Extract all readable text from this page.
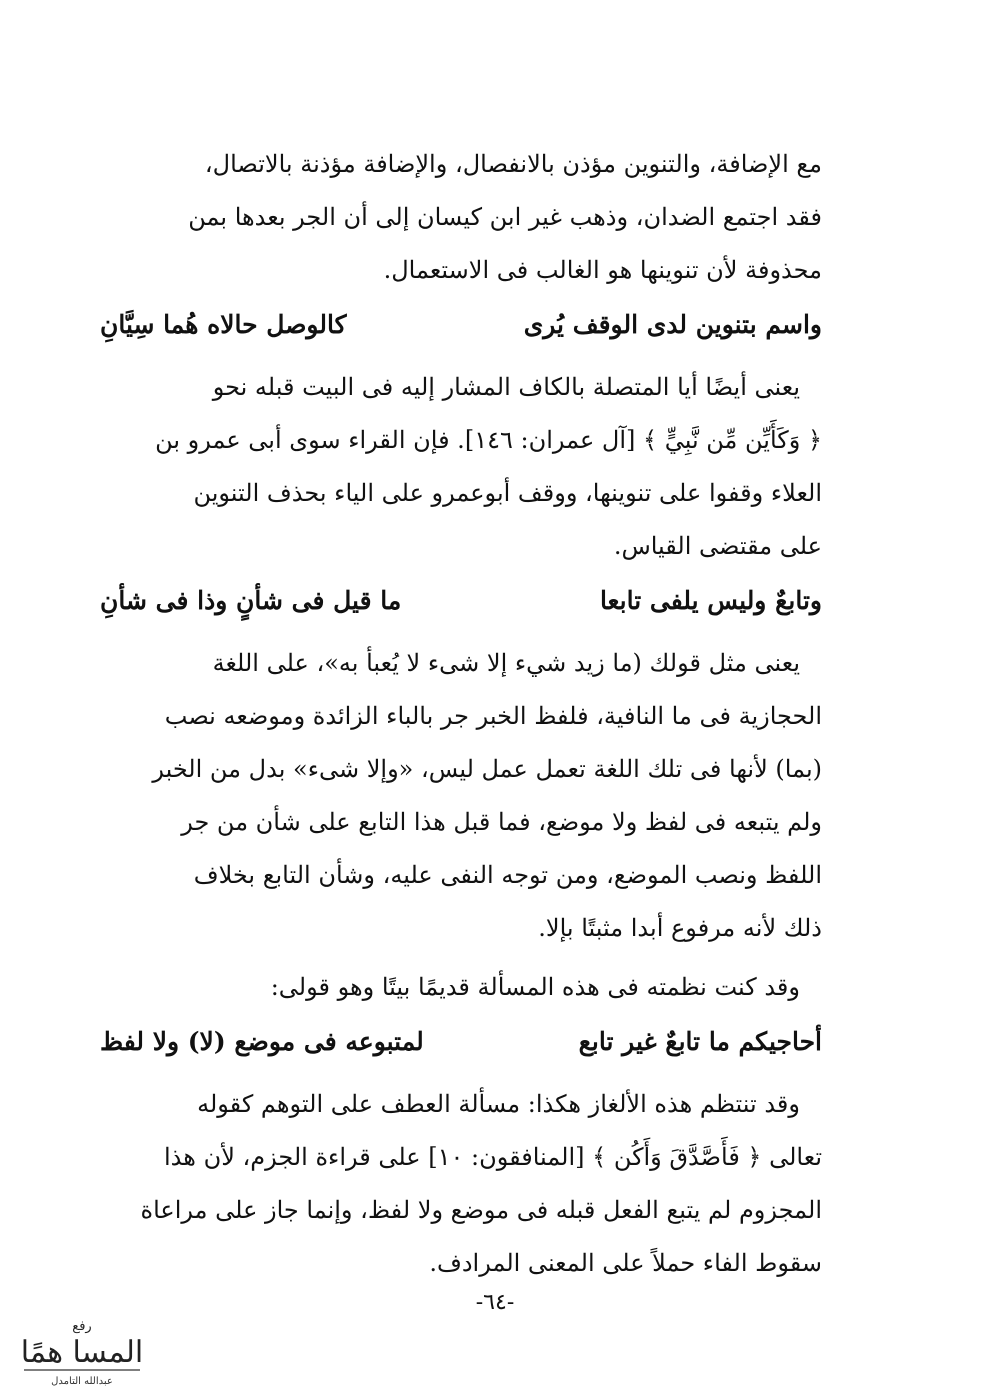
مع الإضافة، والتنوين مؤذن بالانفصال، والإضافة مؤذنة بالاتصال،

فقد اجتمع الضدان، وذهب غير ابن كيسان إلى أن الجر بعدها بمن

محذوفة لأن تنوينها هو الغالب فى الاستعمال.

واسم بتنوين لدى الوقف يُرى
كالوصل حالاه هُما سِيَّانِ

يعنى أيضًا أيا المتصلة بالكاف المشار إليه فى البيت قبله نحو

﴿ وَكَأَيِّن مِّن نَّبِيٍّ ﴾ [آل عمران: ١٤٦]. فإن القراء سوى أبى عمرو بن

العلاء وقفوا على تنوينها، ووقف أبوعمرو على الياء بحذف التنوين

على مقتضى القياس.

وتابعٌ وليس يلفى تابعا
ما قيل فى شأنٍ وذا فى شأنِ

يعنى مثل قولك (ما زيد شيء إلا شىء لا يُعبأ به»، على اللغة

الحجازية فى ما النافية، فلفظ الخبر جر بالباء الزائدة وموضعه نصب

(بما) لأنها فى تلك اللغة تعمل عمل ليس، «وإلا شىء» بدل من الخبر

ولم يتبعه فى لفظ ولا موضع، فما قبل هذا التابع على شأن من جر

اللفظ ونصب الموضع، ومن توجه النفى عليه، وشأن التابع بخلاف

ذلك لأنه مرفوع أبدا مثبتًا بإلا.

وقد كنت نظمته فى هذه المسألة قديمًا بيتًا وهو قولى:

أحاجيكم ما تابعٌ غير تابع
لمتبوعه فى موضع (لا) ولا لفظ

وقد تنتظم هذه الألغاز هكذا: مسألة العطف على التوهم كقوله

تعالى ﴿ فَأَصَّدَّقَ وَأَكُن ﴾ [المنافقون: ١٠] على قراءة الجزم، لأن هذا

المجزوم لم يتبع الفعل قبله فى موضع ولا لفظ، وإنما جاز على مراعاة

سقوط الفاء حملاً على المعنى المرادف.

-٦٤-
رفع
المسا همًا
عبدالله التامدل
